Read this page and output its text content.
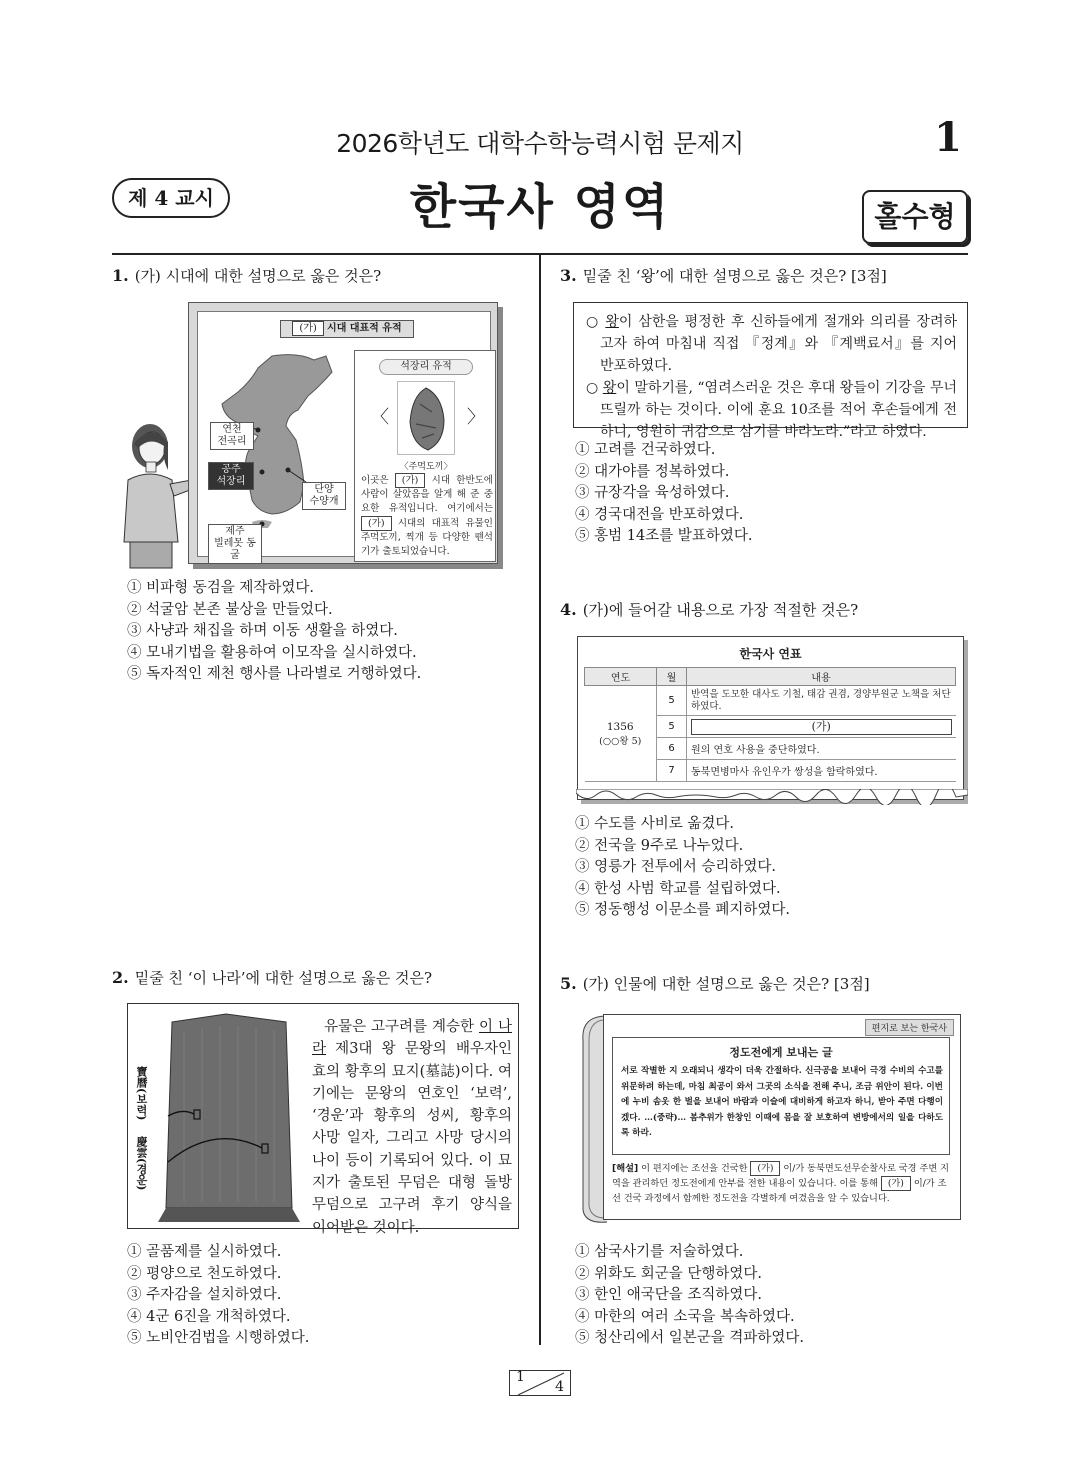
2026학년도 대학수학능력시험 문제지	1
제 4 교시	한국사 영역	홀수형
1. (가) 시대에 대한 설명으로 옳은 것은?
(가) 시대 대표적 유적
연천
전곡리
공주
석장리
단양
수양개
제주
빌레못 동굴
석장리 유적
〈	〉
〈주먹도끼〉
이곳은 (가) 시대 한반도에 사람이 살았음을 알게 해 준 중요한 유적입니다. 여기에서는 (가) 시대의 대표적 유물인 주먹도끼, 찍개 등 다양한 뗀석기가 출토되었습니다.
① 비파형 동검을 제작하였다.
② 석굴암 본존 불상을 만들었다.
③ 사냥과 채집을 하며 이동 생활을 하였다.
④ 모내기법을 활용하여 이모작을 실시하였다.
⑤ 독자적인 제천 행사를 나라별로 거행하였다.
2. 밑줄 친 ‘이 나라’에 대한 설명으로 옳은 것은?
寶曆(보력)
慶雲(경운)
유물은 고구려를 계승한 이 나라 제3대 왕 문왕의 배우자인 효의 황후의 묘지(墓誌)이다. 여기에는 문왕의 연호인 ‘보력’, ‘경운’과 황후의 성씨, 황후의 사망 일자, 그리고 사망 당시의 나이 등이 기록되어 있다. 이 묘지가 출토된 무덤은 대형 돌방무덤으로 고구려 후기 양식을 이어받은 것이다.
① 골품제를 실시하였다.
② 평양으로 천도하였다.
③ 주자감을 설치하였다.
④ 4군 6진을 개척하였다.
⑤ 노비안검법을 시행하였다.
3. 밑줄 친 ‘왕’에 대한 설명으로 옳은 것은? [3점]
○ 왕이 삼한을 평정한 후 신하들에게 절개와 의리를 장려하고자 하여 마침내 직접 『정계』와 『계백료서』를 지어 반포하였다.
○ 왕이 말하기를, “염려스러운 것은 후대 왕들이 기강을 무너뜨릴까 하는 것이다. 이에 훈요 10조를 적어 후손들에게 전하니, 영원히 귀감으로 삼기를 바라노라.”라고 하였다.
① 고려를 건국하였다.
② 대가야를 정복하였다.
③ 규장각을 육성하였다.
④ 경국대전을 반포하였다.
⑤ 홍범 14조를 발표하였다.
4. (가)에 들어갈 내용으로 가장 적절한 것은?
한국사 연표
연도	월	내용

1356
(○○왕 5)	5	반역을 도모한 대사도 기철, 태감 권겸, 경양부원군 노책을 처단하였다.
	5	(가)

	6	원의 연호 사용을 중단하였다.
	7	동북면병마사 유인우가 쌍성을 함락하였다.
① 수도를 사비로 옮겼다.
② 전국을 9주로 나누었다.
③ 영릉가 전투에서 승리하였다.
④ 한성 사범 학교를 설립하였다.
⑤ 정동행성 이문소를 폐지하였다.
5. (가) 인물에 대한 설명으로 옳은 것은? [3점]
편지로 보는 한국사
정도전에게 보내는 글
서로 작별한 지 오래되니 생각이 더욱 간절하다. 신극공을 보내어 극경 수비의 수고를 위문하려 하는데, 마침 최공이 와서 그곳의 소식을 전해 주니, 조금 위안이 된다. 이번에 누비 솜옷 한 벌을 보내어 바람과 이슬에 대비하게 하고자 하니, 받아 주면 다행이겠다. …(중략)… 봄추위가 한창인 이때에 몸을 잘 보호하여 변방에서의 일을 다하도록 하라.
[해설] 이 편지에는 조선을 건국한 (가) 이/가 동북면도선무순찰사로 국경 주변 지역을 관리하던 정도전에게 안부를 전한 내용이 있습니다. 이를 통해 (가) 이/가 조선 건국 과정에서 함께한 정도전을 각별하게 여겼음을 알 수 있습니다.
① 삼국사기를 저술하였다.
② 위화도 회군을 단행하였다.
③ 한인 애국단을 조직하였다.
④ 마한의 여러 소국을 복속하였다.
⑤ 청산리에서 일본군을 격파하였다.
1
4
